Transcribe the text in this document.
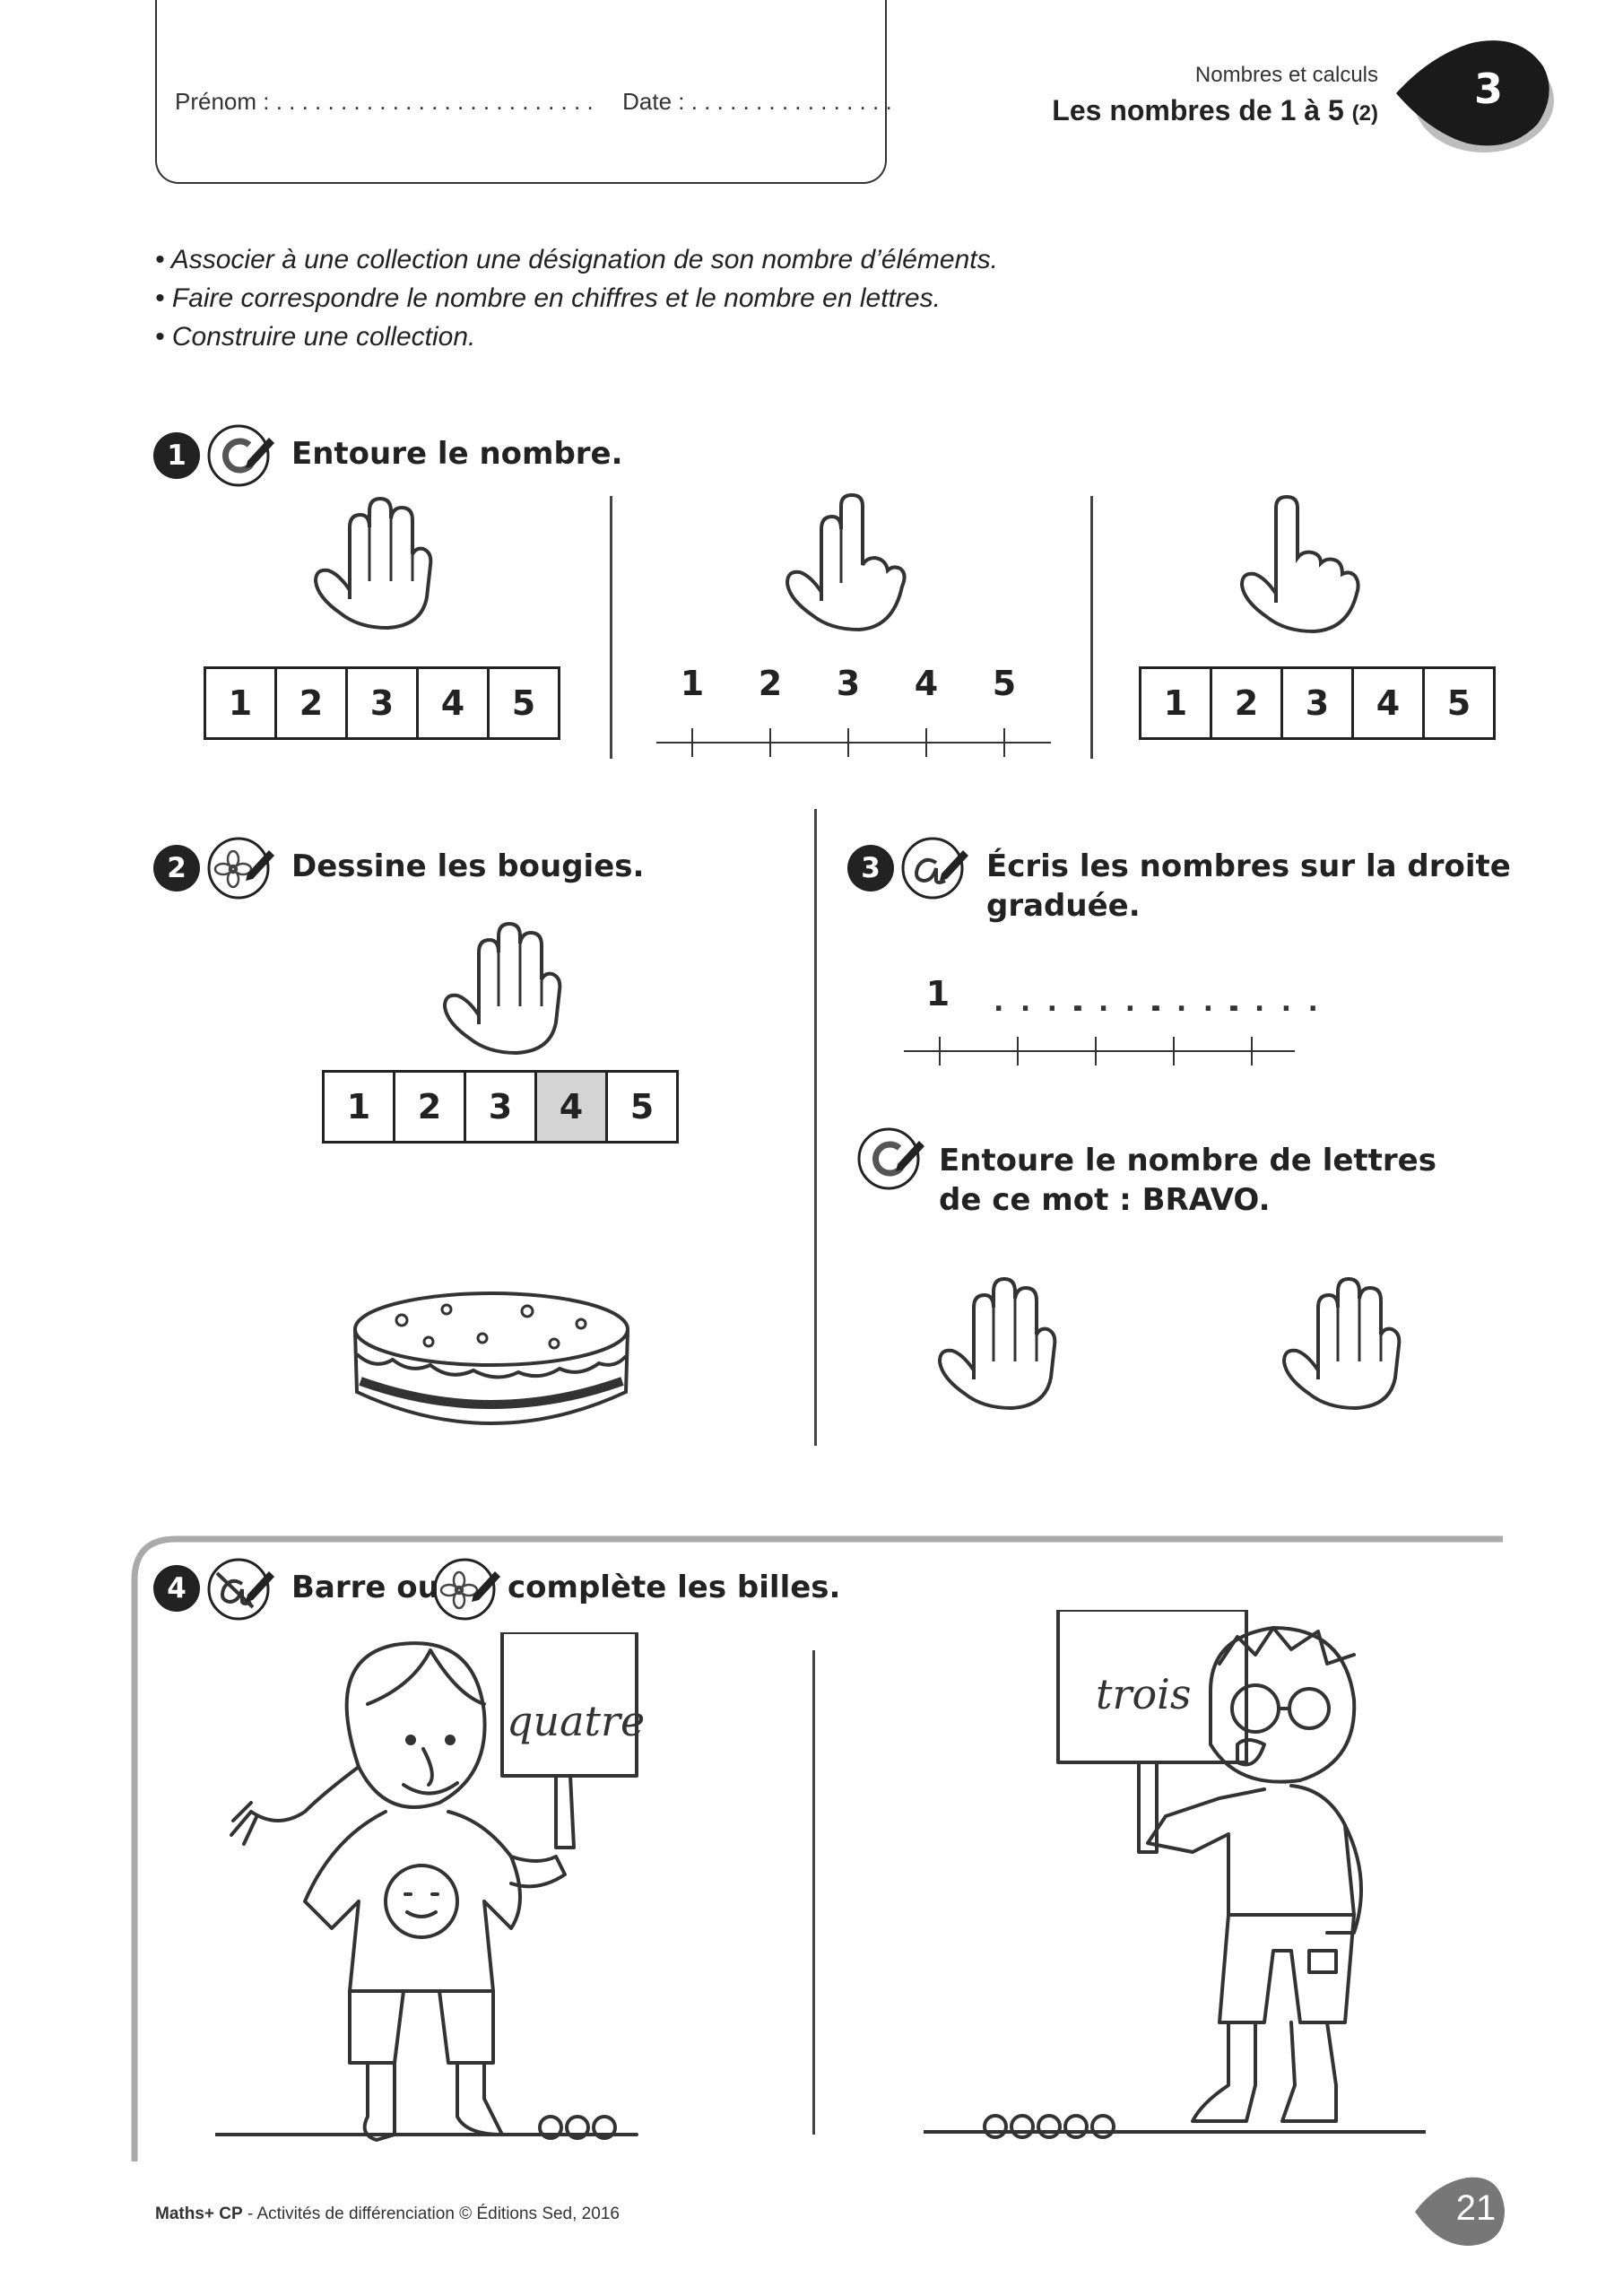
Prénom : . . . . . . . . . . . . . . . . . . . . . . . . . Date : . . . . . . . . . . . . . . . .
Nombres et calculs
Les nombres de 1 à 5 (2)
3
• Associer à une collection une désignation de son nombre d’éléments.
• Faire correspondre le nombre en chiffres et le nombre en lettres.
• Construire une collection.
1	Entoure le nombre.
1	2	3	4	5	1 2 3 4 5	1	2	3	4	5
2	Dessine les bougies.
1	2	3	4	5
3	Écris les nombres sur la droite
graduée.
1 . . . .
. . . .
. . . .
. . . .
Entoure le nombre de lettres
de ce mot : BRAVO.
4	Barre ou complète les billes.
quatre
trois
Maths+ CP - Activités de différenciation © Éditions Sed, 2016	21
